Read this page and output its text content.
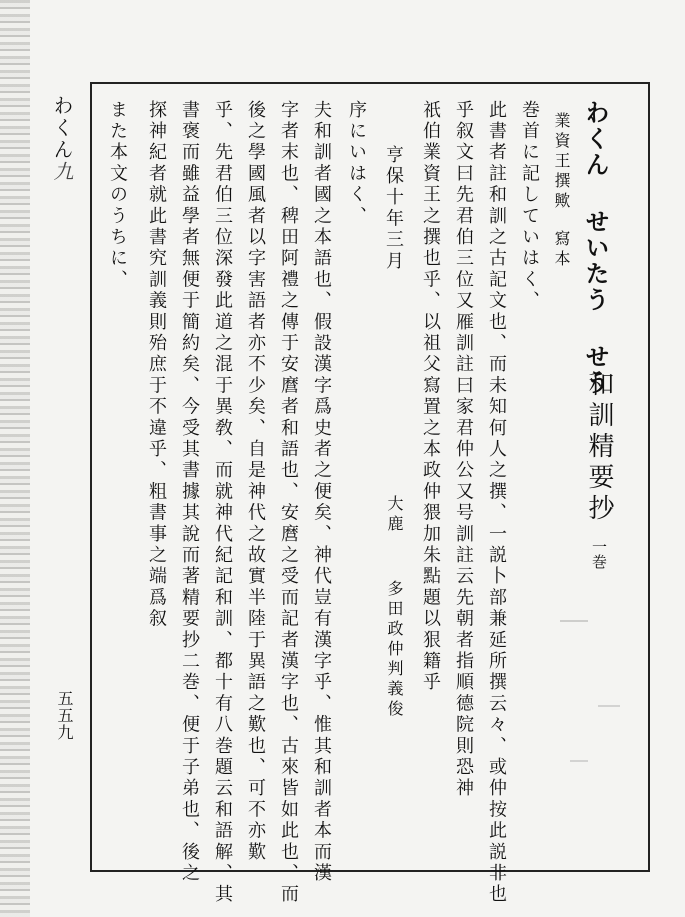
わくん九
五五九
わくん せいたう せう
和訓精要抄一巻
業資王撰歟寫本
巻首に記していはく、
此書者註和訓之古記文也、而未知何人之撰、一説卜部兼延所撰云々、或仲按此説非也
乎叙文曰先君伯三位又雁訓註曰家君仲公又号訓註云先朝者指順德院則恐神
祇伯業資王之撰也乎、以祖父寫置之本政仲猥加朱點題以狠籍乎
亨保十年三月
大鹿
多田政仲判義俊
序にいはく、
夫和訓者國之本語也、假設漢字爲史者之便矣、神代豈有漢字乎、惟其和訓者本而漢
字者末也、稗田阿禮之傳于安麿者和語也、安麿之受而記者漢字也、古來皆如此也、而
後之學國風者以字害語者亦不少矣、自是神代之故實半陸于異語之歎也、可不亦歎
乎、先君伯三位深發此道之混于異敎、而就神代紀記和訓、都十有八巻題云和語解、其
書褒而雖益學者無便于簡約矣、今受其書據其說而著精要抄二巻、便于子弟也、後之
探神紀者就此書究訓義則殆庶于不違乎、粗書事之端爲叙
また本文のうちに、
